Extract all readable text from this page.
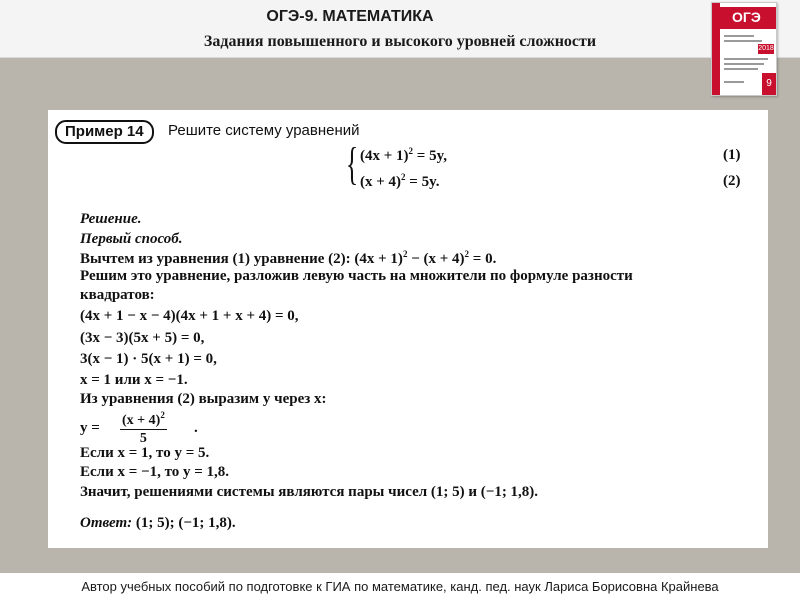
ОГЭ-9. МАТЕМАТИКА
Задания повышенного и высокого уровней сложности
ОГЭ
2018
9
Пример 14	Решите систему уравнений
{ $(4x + 1)^2 = 5y$,	(1)
$(x + 4)^2 = 5y$.	(2)
Решение.
Первый способ.
Вычтем из уравнения (1) уравнение (2): $(4x + 1)^2 - (x + 4)^2 = 0$.
Решим это уравнение, разложив левую часть на множители по формуле разности
квадратов:
(4x + 1 − x − 4)(4x + 1 + x + 4) = 0,
(3x − 3)(5x + 5) = 0,
3(x − 1) · 5(x + 1) = 0,
x = 1 или x = −1.
Из уравнения (2) выразим y через x:
$y = \frac{(x + 4)^2}{5}$ .
Если x = 1, то y = 5.
Если x = −1, то y = 1,8.
Значит, решениями системы являются пары чисел (1; 5) и (−1; 1,8).
Ответ: (1; 5); (−1; 1,8).
Автор учебных пособий по подготовке к ГИА по математике, канд. пед. наук Лариса Борисовна Крайнева
